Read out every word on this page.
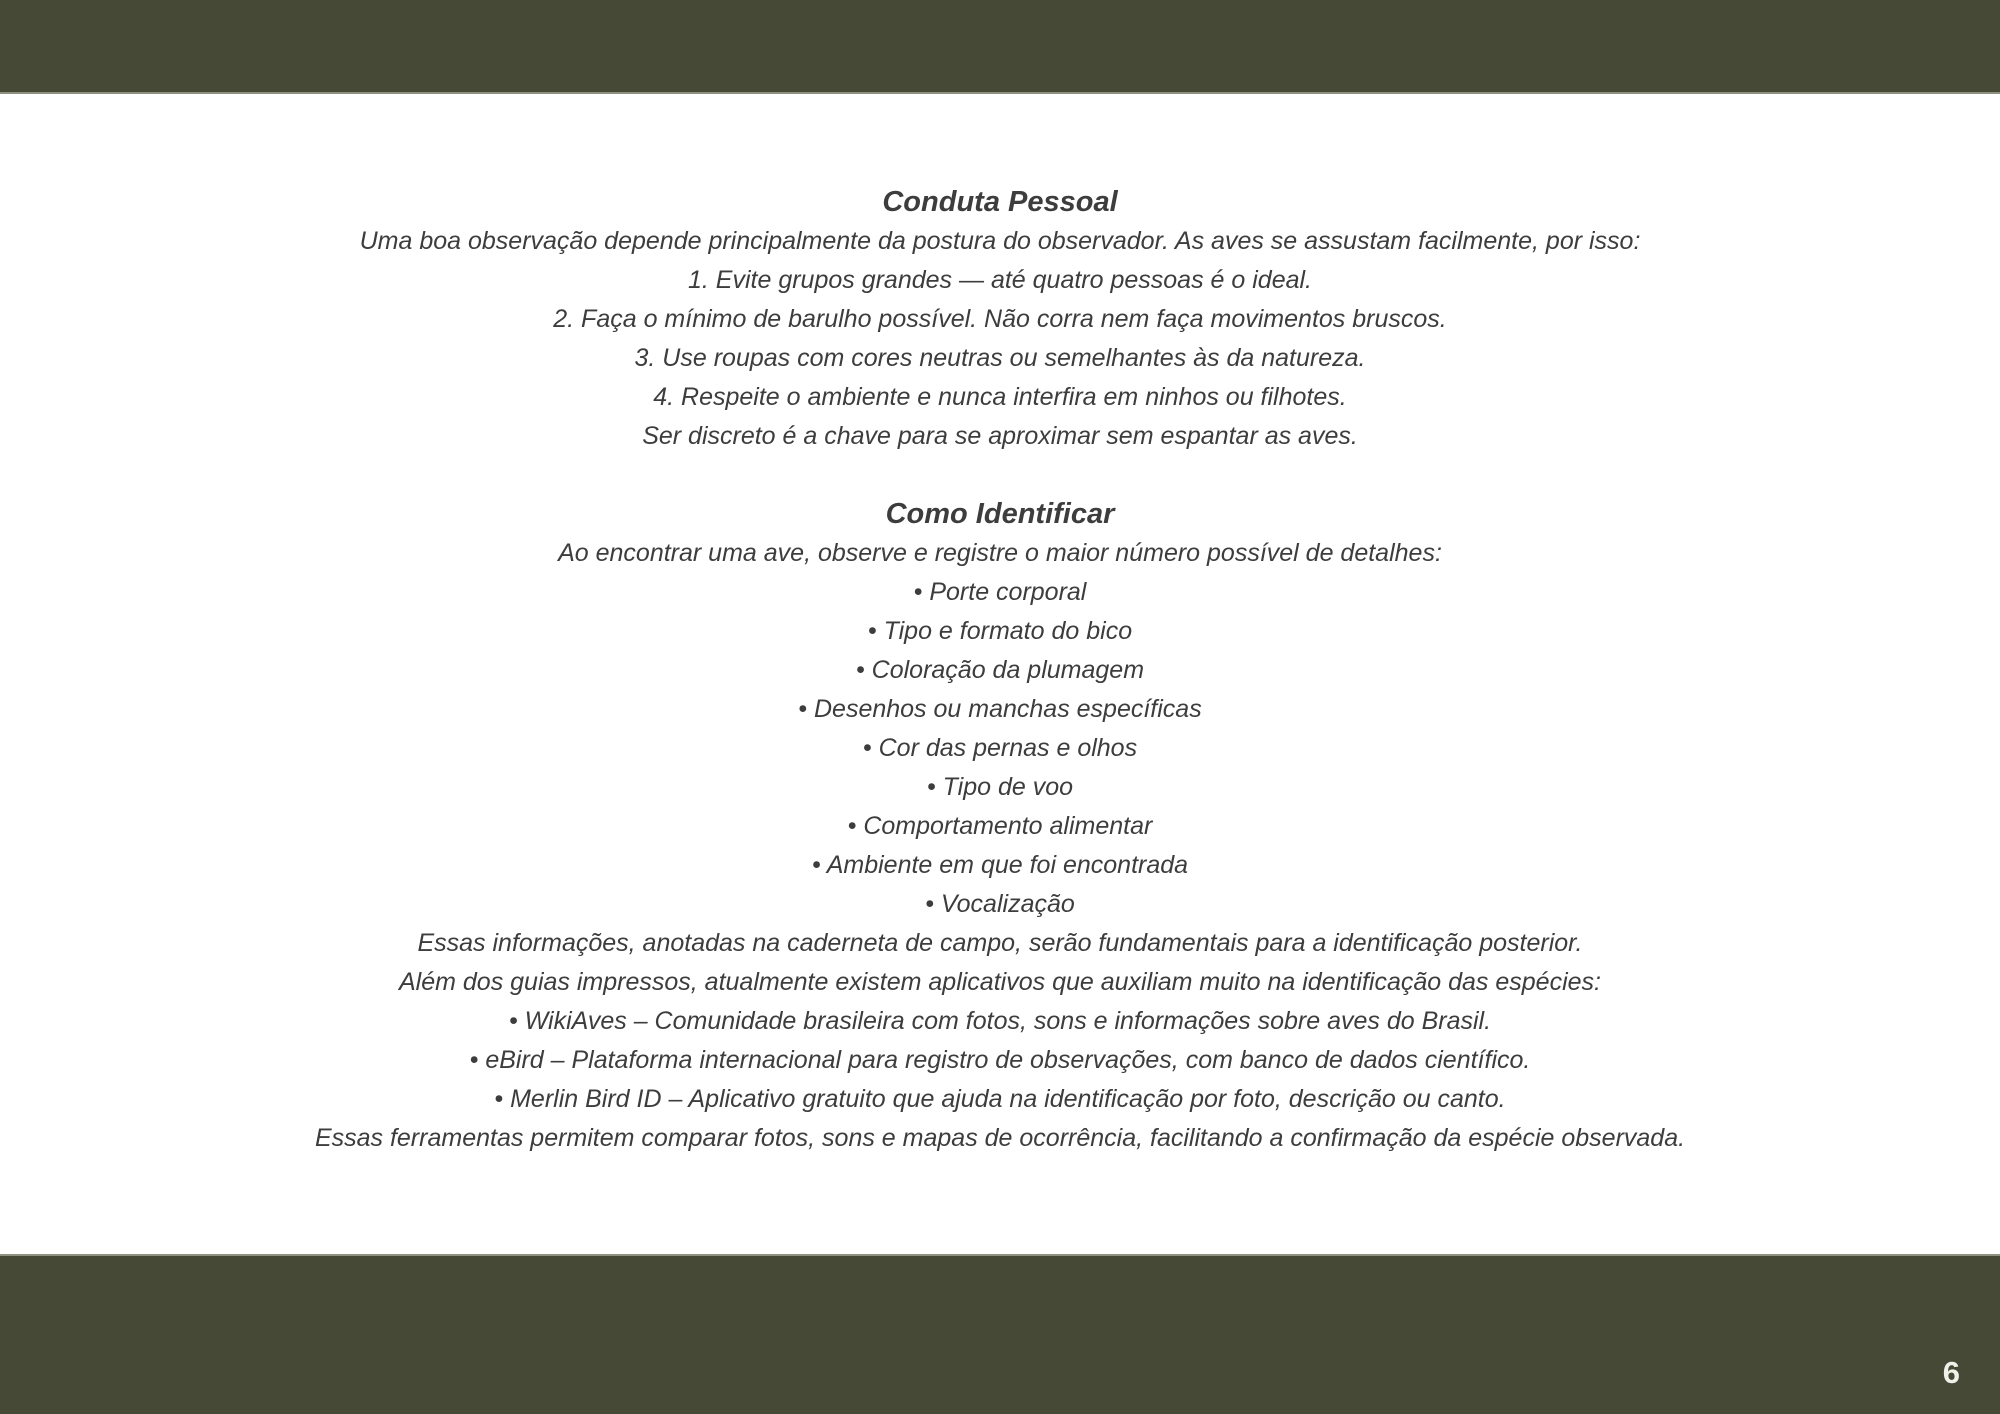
Conduta Pessoal
Uma boa observação depende principalmente da postura do observador. As aves se assustam facilmente, por isso:
1. Evite grupos grandes — até quatro pessoas é o ideal.
2. Faça o mínimo de barulho possível. Não corra nem faça movimentos bruscos.
3. Use roupas com cores neutras ou semelhantes às da natureza.
4. Respeite o ambiente e nunca interfira em ninhos ou filhotes.
Ser discreto é a chave para se aproximar sem espantar as aves.
Como Identificar
Ao encontrar uma ave, observe e registre o maior número possível de detalhes:
• Porte corporal
• Tipo e formato do bico
• Coloração da plumagem
• Desenhos ou manchas específicas
• Cor das pernas e olhos
• Tipo de voo
• Comportamento alimentar
• Ambiente em que foi encontrada
• Vocalização
Essas informações, anotadas na caderneta de campo, serão fundamentais para a identificação posterior.
Além dos guias impressos, atualmente existem aplicativos que auxiliam muito na identificação das espécies:
• WikiAves – Comunidade brasileira com fotos, sons e informações sobre aves do Brasil.
• eBird – Plataforma internacional para registro de observações, com banco de dados científico.
• Merlin Bird ID – Aplicativo gratuito que ajuda na identificação por foto, descrição ou canto.
Essas ferramentas permitem comparar fotos, sons e mapas de ocorrência, facilitando a confirmação da espécie observada.
6
